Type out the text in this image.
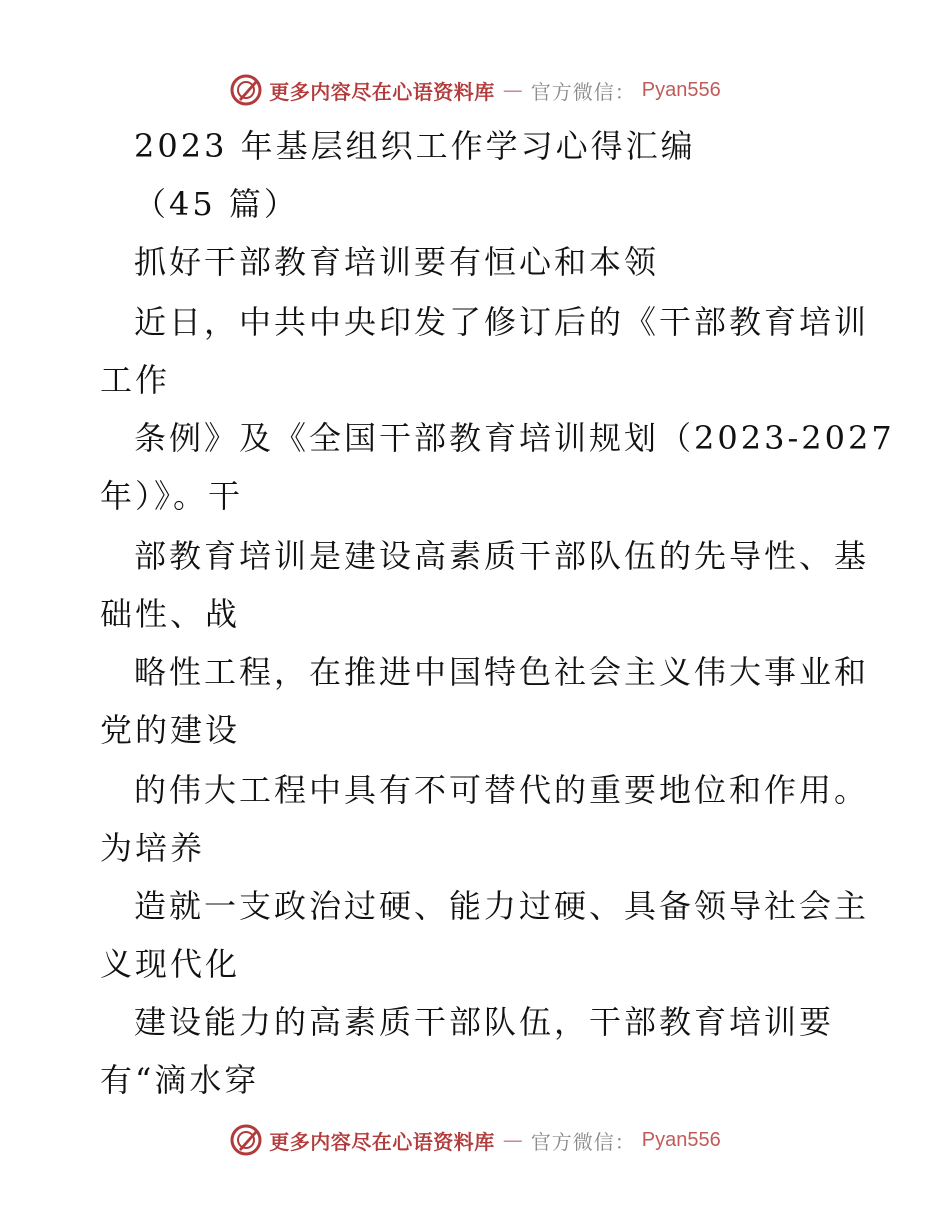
更多内容尽在心语资料库 — 官方微信： Pyan556
2023 年基层组织工作学习心得汇编
（45 篇）
抓好干部教育培训要有恒心和本领
近日，中共中央印发了修订后的《干部教育培训
工作
条例》及《全国干部教育培训规划（2023-2027
年）》。干
部教育培训是建设高素质干部队伍的先导性、基
础性、战
略性工程，在推进中国特色社会主义伟大事业和
党的建设
的伟大工程中具有不可替代的重要地位和作用。
为培养
造就一支政治过硬、能力过硬、具备领导社会主
义现代化
建设能力的高素质干部队伍，干部教育培训要
有“滴水穿
更多内容尽在心语资料库 — 官方微信： Pyan556
